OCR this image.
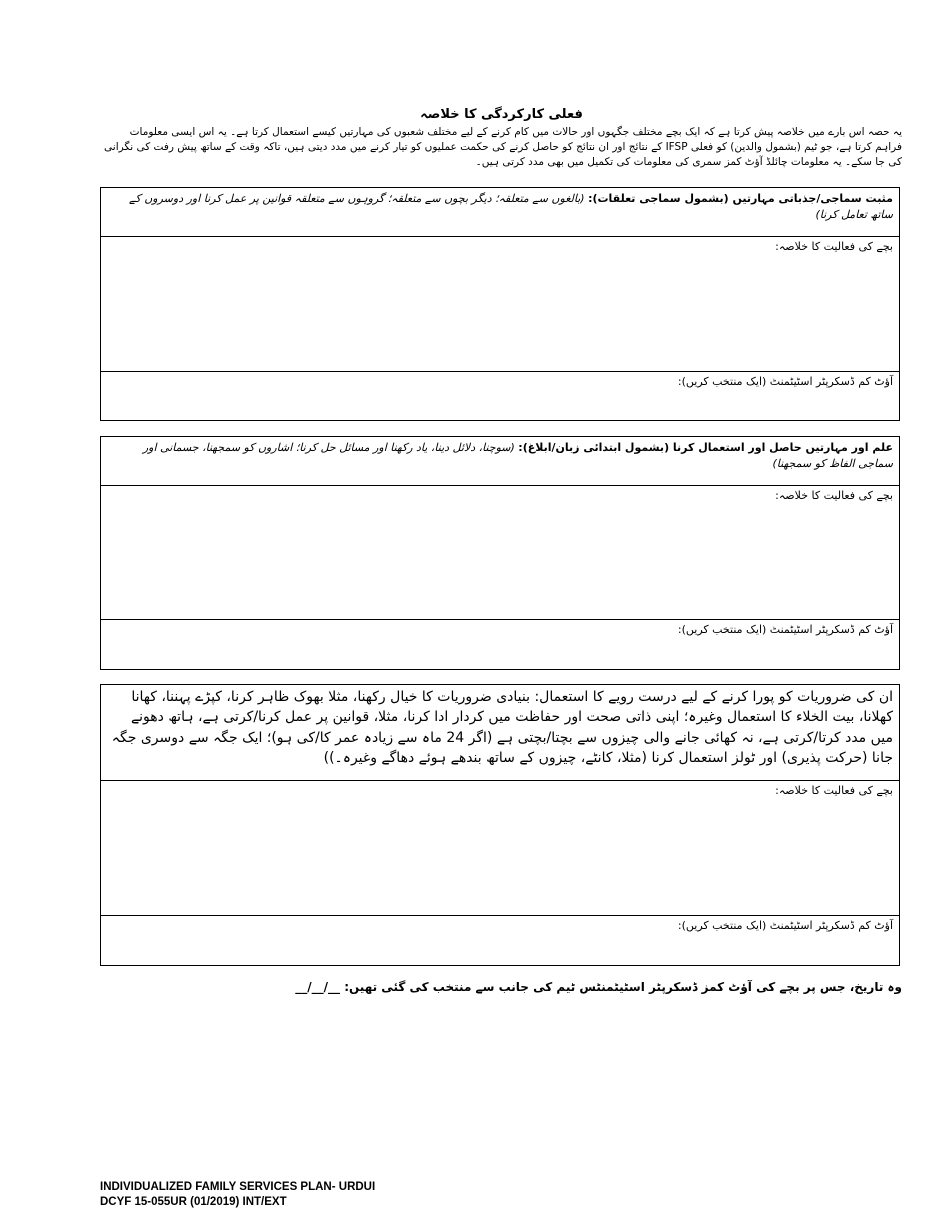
فعلی کارکردگی کا خلاصہ
یہ حصہ اس بارے میں خلاصہ پیش کرتا ہے کہ ایک بچے مختلف جگہوں اور حالات میں کام کرنے کے لیے مختلف شعبوں کی مہارتیں کیسے استعمال کرتا ہے۔ یہ اس ایسی معلومات فراہم کرتا ہے، جو ٹیم (بشمول والدین) کو فعلی IFSP کے نتائج اور ان نتائج کو حاصل کرنے کی حکمت عملیوں کو تیار کرنے میں مدد دیتی ہیں، تاکہ وقت کے ساتھ پیش رفت کی نگرانی کی جا سکے۔ یہ معلومات چائلڈ آؤٹ کمز سمری کی معلومات کی تکمیل میں بھی مدد کرتی ہیں۔
مثبت سماجی/جذباتی مہارتیں (بشمول سماجی تعلقات): (بالغوں سے متعلقہ؛ دیگر بچوں سے متعلقہ؛ گروہوں سے متعلقہ قوانین پر عمل کرنا اور دوسروں کے ساتھ تعامل کرنا)
بچے کی فعالیت کا خلاصہ:
آؤٹ کم ڈسکرپٹر اسٹیٹمنٹ (ایک منتخب کریں):
علم اور مہارتیں حاصل اور استعمال کرنا (بشمول ابتدائی زبان/ابلاغ): (سوچنا، دلائل دینا، یاد رکھنا اور مسائل حل کرنا؛ اشاروں کو سمجھنا، جسمانی اور سماجی الفاظ کو سمجھنا)
بچے کی فعالیت کا خلاصہ:
آؤٹ کم ڈسکرپٹر اسٹیٹمنٹ (ایک منتخب کریں):
ان کی ضروریات کو پورا کرنے کے لیے درست رویے کا استعمال: بنیادی ضروریات کا خیال رکھنا، مثلا بھوک ظاہر کرنا، کپڑے پہننا، کھانا کھلانا، بیت الخلاء کا استعمال وغیرہ؛ اپنی ذاتی صحت اور حفاظت میں کردار ادا کرنا، مثلا، قوانین پر عمل کرنا/کرتی ہے، ہاتھ دھونے میں مدد کرتا/کرتی ہے، نہ کھائی جانے والی چیزوں سے بچتا/بچتی ہے (اگر 24 ماہ سے زیادہ عمر کا/کی ہو)؛ ایک جگہ سے دوسری جگہ جانا (حرکت پذیری) اور ٹولز استعمال کرنا (مثلا، کانٹے، چیزوں کے ساتھ بندھے ہوئے دھاگے وغیرہ۔))
بچے کی فعالیت کا خلاصہ:
آؤٹ کم ڈسکرپٹر اسٹیٹمنٹ (ایک منتخب کریں):
وہ تاریخ، جس پر بچے کی آؤٹ کمز ڈسکرپٹر اسٹیٹمنٹس ٹیم کی جانب سے منتخب کی گئی تھیں: __/__/__
INDIVIDUALIZED FAMILY SERVICES PLAN- URDUI
DCYF 15-055UR (01/2019) INT/EXT
